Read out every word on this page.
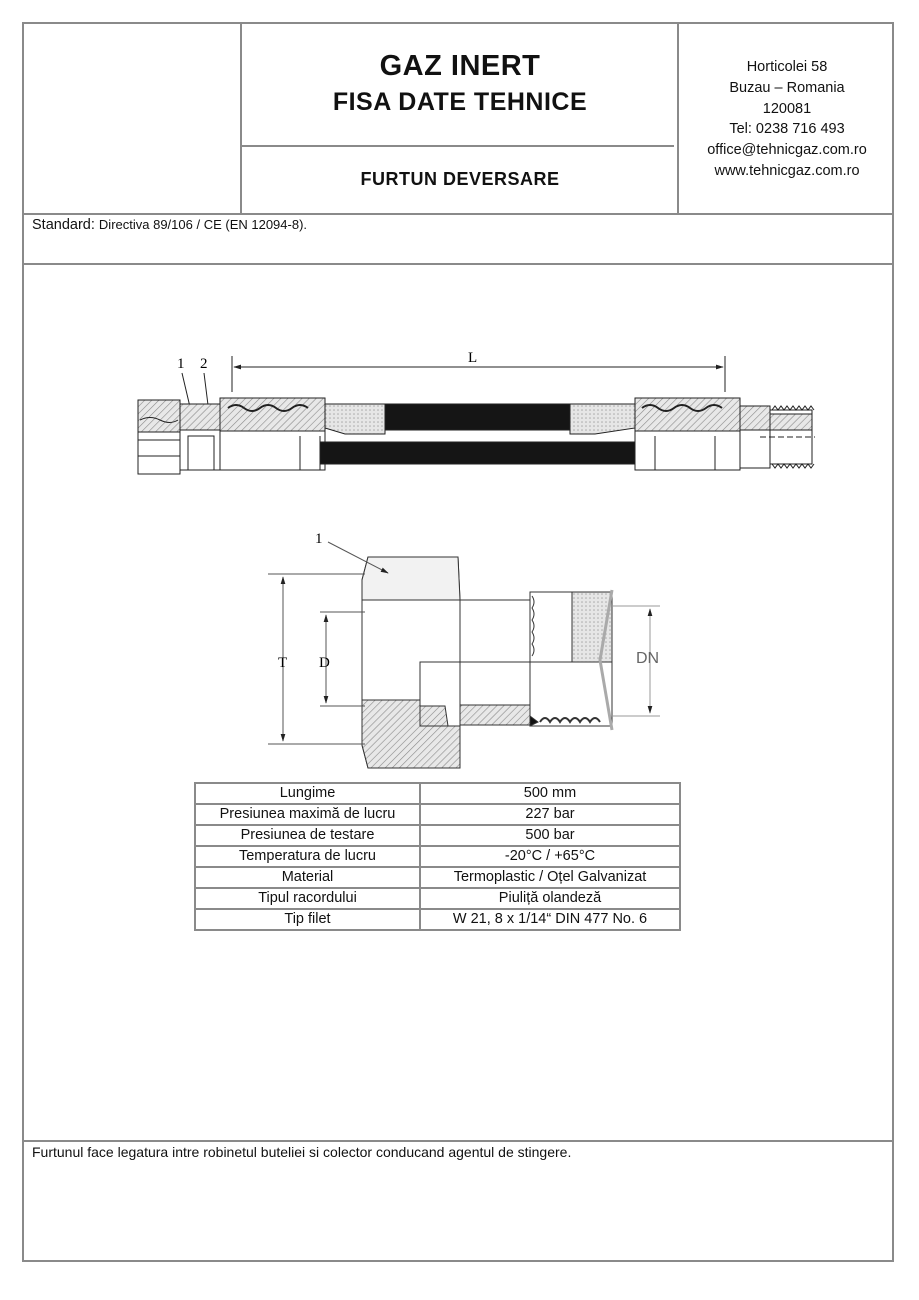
GAZ INERT
FISA DATE TEHNICE
FURTUN DEVERSARE
Horticolei 58
Buzau – Romania
120081
Tel: 0238 716 493
office@tehnicgaz.com.ro
www.tehnicgaz.com.ro
Standard: Directiva 89/106 / CE (EN 12094-8).
Furtunul face legatura intre robinetul buteliei si colector conducand agentul de stingere.
1 2	L
1
T D	DN
Lungime	500 mm
Presiunea maximă de lucru	227 bar
Presiunea de testare	500 bar
Temperatura de lucru	-20°C / +65°C
Material	Termoplastic / Oțel Galvanizat
Tipul racordului	Piuliță olandeză
Tip filet	W 21, 8 x 1/14“ DIN 477 No. 6
